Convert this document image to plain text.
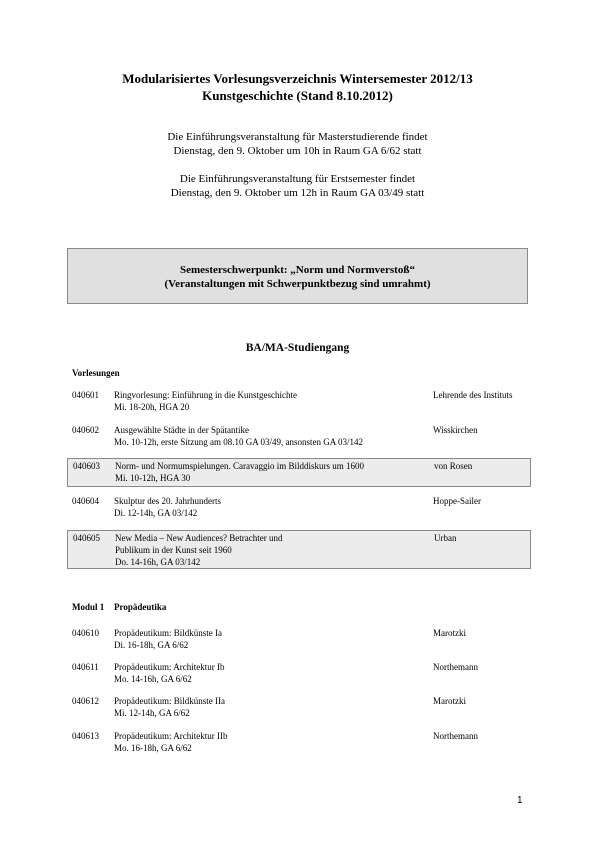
Modularisiertes Vorlesungsverzeichnis Wintersemester 2012/13
Kunstgeschichte (Stand 8.10.2012)
Die Einführungsveranstaltung für Masterstudierende findet
Dienstag, den 9. Oktober um 10h in Raum GA 6/62 statt
Die Einführungsveranstaltung für Erstsemester findet
Dienstag, den 9. Oktober um 12h in Raum GA 03/49 statt
Semesterschwerpunkt: „Norm und Normverstoß“
(Veranstaltungen mit Schwerpunktbezug sind umrahmt)
BA/MA-Studiengang
Vorlesungen
040601 Ringvorlesung: Einführung in die Kunstgeschichte
Mi. 18-20h, HGA 20
Lehrende des Instituts
040602 Ausgewählte Städte in der Spätantike
Mo. 10-12h, erste Sitzung am 08.10 GA 03/49, ansonsten GA 03/142
Wisskirchen
040603 Norm- und Normumspielungen. Caravaggio im Bilddiskurs um 1600
Mi. 10-12h, HGA 30
von Rosen
040604 Skulptur des 20. Jahrhunderts
Di. 12-14h, GA 03/142
Hoppe-Sailer
040605 New Media – New Audiences? Betrachter und
Publikum in der Kunst seit 1960
Do. 14-16h, GA 03/142
Urban
Modul 1 Propädeutika
040610 Propädeutikum: Bildkünste Ia
Di. 16-18h, GA 6/62
Marotzki
040611 Propädeutikum: Architektur Ib
Mo. 14-16h, GA 6/62
Northemann
040612 Propädeutikum: Bildkünste IIa
Mi. 12-14h, GA 6/62
Marotzki
040613 Propädeutikum: Architektur IIb
Mo. 16-18h, GA 6/62
Northemann
1
